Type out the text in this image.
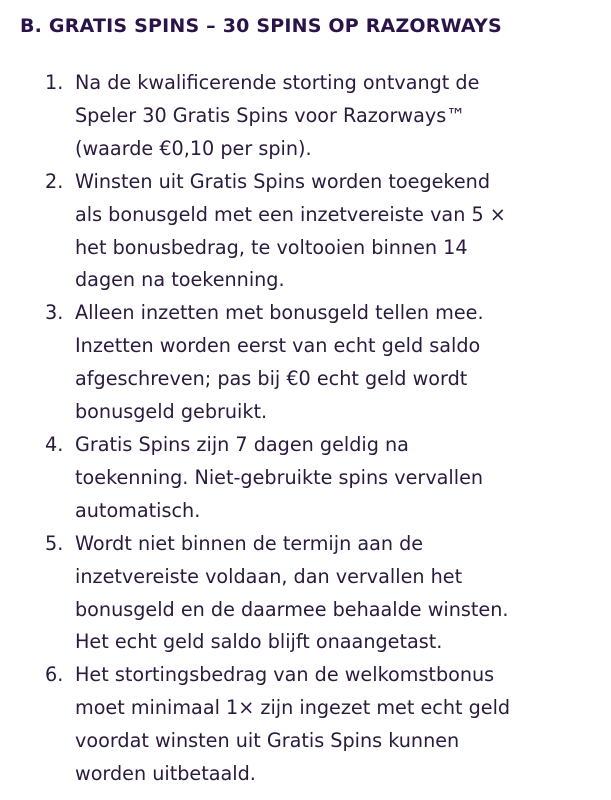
B. GRATIS SPINS – 30 SPINS OP RAZORWAYS
1. Na de kwalificerende storting ontvangt de
Speler 30 Gratis Spins voor Razorways™
(waarde €0,10 per spin).
2. Winsten uit Gratis Spins worden toegekend
als bonusgeld met een inzetvereiste van 5 ×
het bonusbedrag, te voltooien binnen 14
dagen na toekenning.
3. Alleen inzetten met bonusgeld tellen mee.
Inzetten worden eerst van echt geld saldo
afgeschreven; pas bij €0 echt geld wordt
bonusgeld gebruikt.
4. Gratis Spins zijn 7 dagen geldig na
toekenning. Niet-gebruikte spins vervallen
automatisch.
5. Wordt niet binnen de termijn aan de
inzetvereiste voldaan, dan vervallen het
bonusgeld en de daarmee behaalde winsten.
Het echt geld saldo blijft onaangetast.
6. Het stortingsbedrag van de welkomstbonus
moet minimaal 1× zijn ingezet met echt geld
voordat winsten uit Gratis Spins kunnen
worden uitbetaald.
